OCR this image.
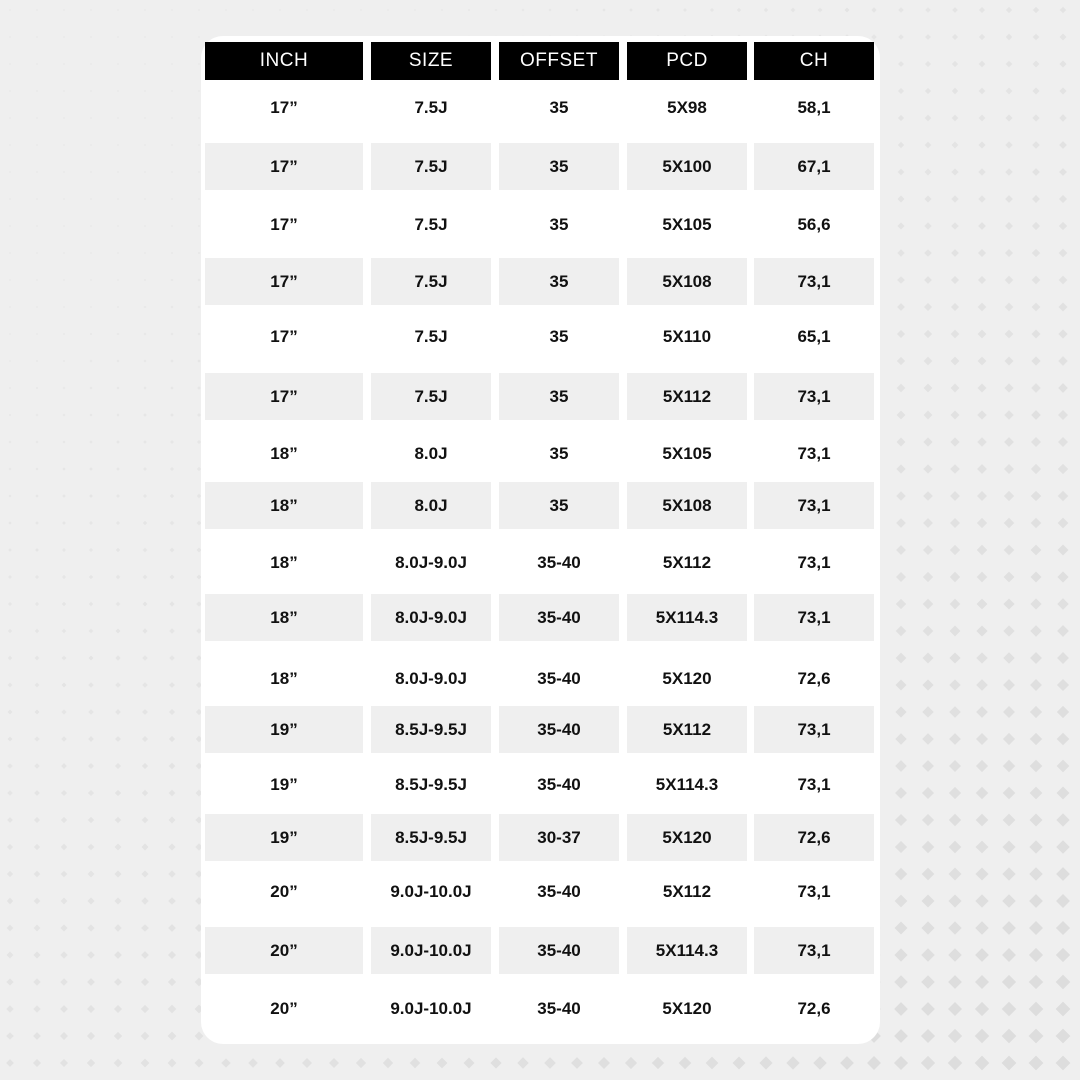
INCH	SIZE	OFFSET	PCD	CH
17”	7.5J	35	5X98	58,1
17”	7.5J	35	5X100	67,1
17”	7.5J	35	5X105	56,6
17”	7.5J	35	5X108	73,1
17”	7.5J	35	5X110	65,1
17”	7.5J	35	5X112	73,1
18”	8.0J	35	5X105	73,1
18”	8.0J	35	5X108	73,1
18”	8.0J-9.0J	35-40	5X112	73,1
18”	8.0J-9.0J	35-40	5X114.3	73,1
18”	8.0J-9.0J	35-40	5X120	72,6
19”	8.5J-9.5J	35-40	5X112	73,1
19”	8.5J-9.5J	35-40	5X114.3	73,1
19”	8.5J-9.5J	30-37	5X120	72,6
20”	9.0J-10.0J	35-40	5X112	73,1
20”	9.0J-10.0J	35-40	5X114.3	73,1
20”	9.0J-10.0J	35-40	5X120	72,6
